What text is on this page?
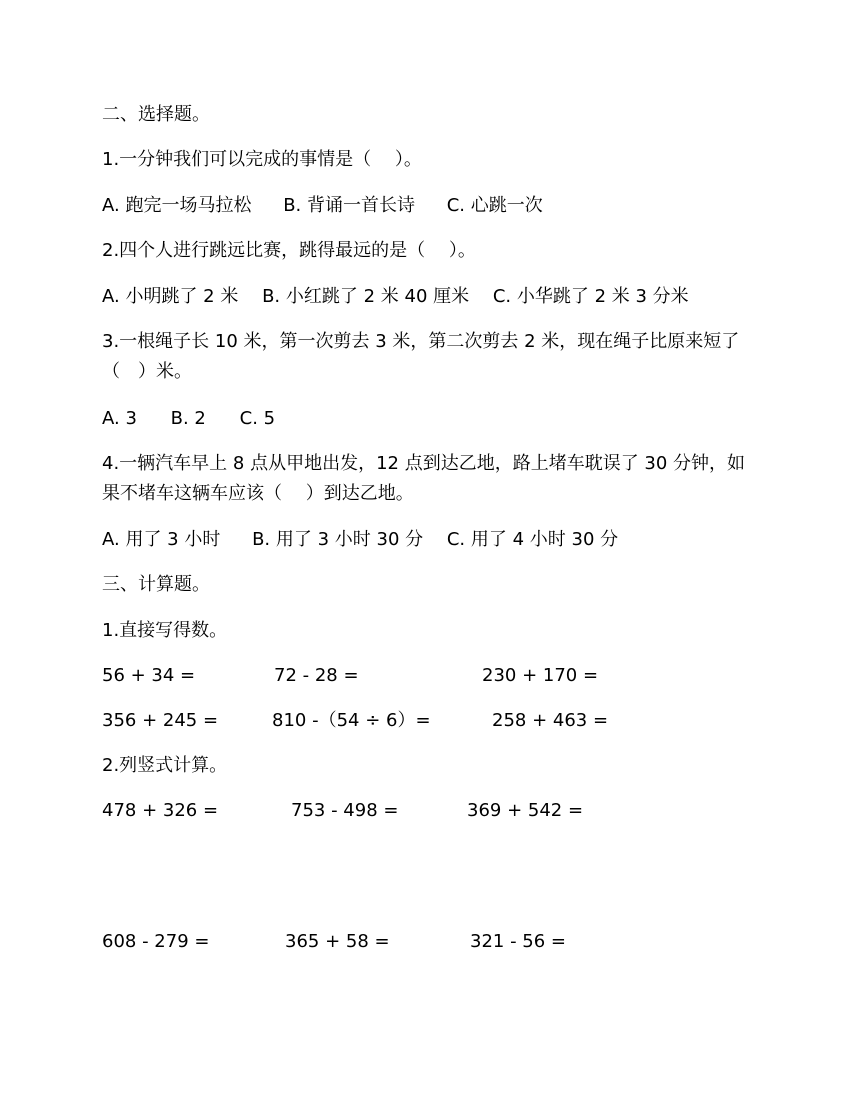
二、选择题。
1.一分钟我们可以完成的事情是（　 ）。
A. 跑完一场马拉松 B. 背诵一首长诗 C. 心跳一次
2.四个人进行跳远比赛，跳得最远的是（　 ）。
A. 小明跳了 2 米 B. 小红跳了 2 米 40 厘米 C. 小华跳了 2 米 3 分米
3.一根绳子长 10 米，第一次剪去 3 米，第二次剪去 2 米，现在绳子比原来短了（　）米。
A. 3 B. 2 C. 5
4.一辆汽车早上 8 点从甲地出发，12 点到达乙地，路上堵车耽误了 30 分钟，如果不堵车这辆车应该（　 ）到达乙地。
A. 用了 3 小时 B. 用了 3 小时 30 分 C. 用了 4 小时 30 分
三、计算题。
1.直接写得数。
56 + 34 =	72 - 28 =	230 + 170 =
356 + 245 =	810 -（54 ÷ 6）=	258 + 463 =
2.列竖式计算。
478 + 326 =	753 - 498 =	369 + 542 =
608 - 279 =	365 + 58 =	321 - 56 =
